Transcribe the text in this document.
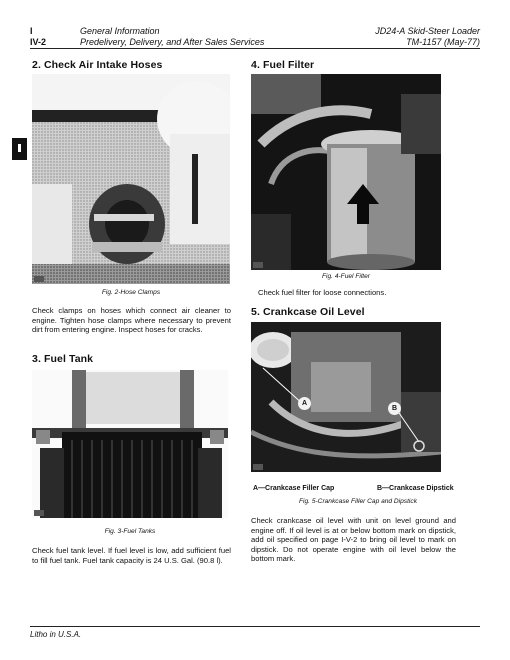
I
IV-2
General Information
Predelivery, Delivery, and After Sales Services
JD24-A Skid-Steer Loader
TM-1157 (May-77)
2. Check Air Intake Hoses

Fig. 2-Hose Clamps
Check clamps on hoses which connect air cleaner to engine. Tighten hose clamps where necessary to prevent dirt from entering engine. Inspect hoses for cracks.
3. Fuel Tank

Fig. 3-Fuel Tanks
Check fuel tank level. If fuel level is low, add sufficient fuel to fill fuel tank. Fuel tank capacity is 24 U.S. Gal. (90.8 l).
4. Fuel Filter

Fig. 4-Fuel Filter
Check fuel filter for loose connections.
5. Crankcase Oil Level
A
B

A—Crankcase Filler Cap	B—Crankcase Dipstick
Fig. 5-Crankcase Filler Cap and Dipstick
Check crankcase oil level with unit on level ground and engine off. If oil level is at or below bottom mark on dipstick, add oil specified on page I-V-2 to bring oil level to mark on dipstick. Do not operate engine with oil level below the bottom mark.
Litho in U.S.A.
